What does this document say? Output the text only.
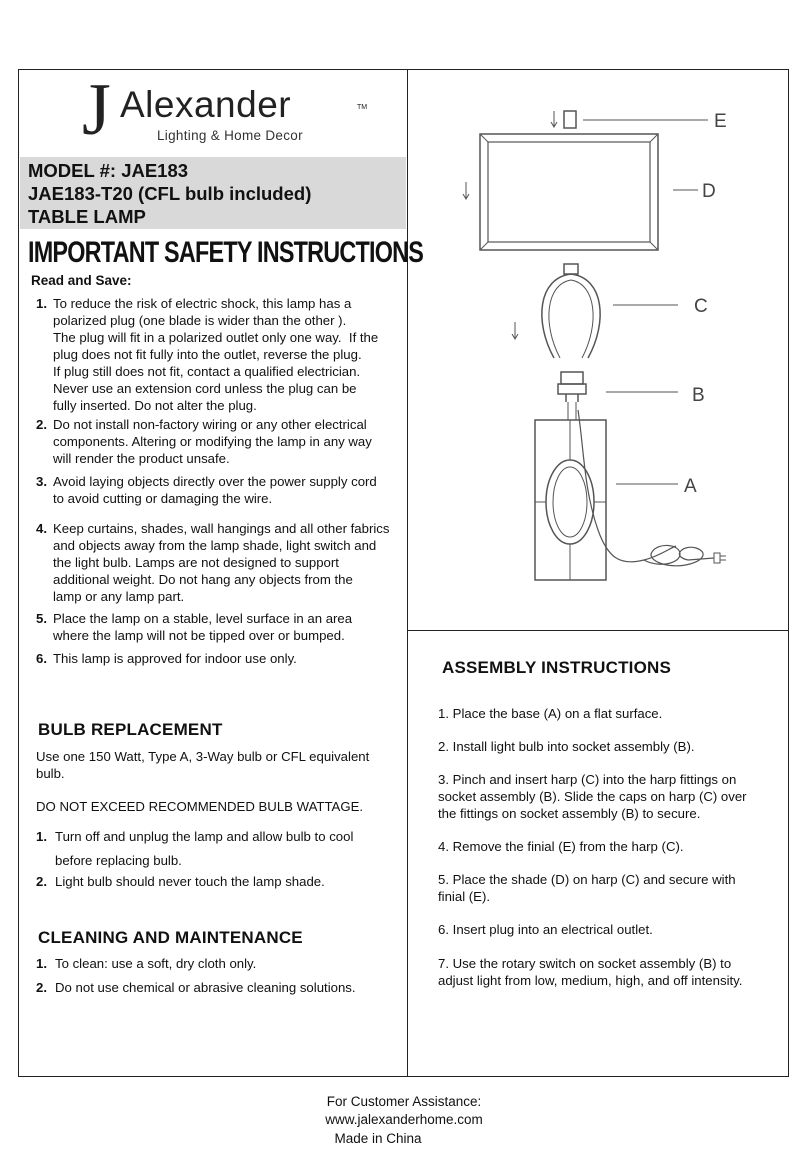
J Alexander	TM
Lighting & Home Decor
MODEL #: JAE183
JAE183-T20 (CFL bulb included)
TABLE LAMP
IMPORTANT SAFETY INSTRUCTIONS
Read and Save:
1. To reduce the risk of electric shock, this lamp has a
polarized plug (one blade is wider than the other ).
The plug will fit in a polarized outlet only one way.  If the
plug does not fit fully into the outlet, reverse the plug.
If plug still does not fit, contact a qualified electrician.
Never use an extension cord unless the plug can be
fully inserted. Do not alter the plug.
2. Do not install non-factory wiring or any other electrical
components. Altering or modifying the lamp in any way
will render the product unsafe.
3. Avoid laying objects directly over the power supply cord
to avoid cutting or damaging the wire.
4. Keep curtains, shades, wall hangings and all other fabrics
and objects away from the lamp shade, light switch and
the light bulb. Lamps are not designed to support
additional weight. Do not hang any objects from the
lamp or any lamp part.
5. Place the lamp on a stable, level surface in an area
where the lamp will not be tipped over or bumped.
6. This lamp is approved for indoor use only.
BULB REPLACEMENT
Use one 150 Watt, Type A, 3-Way bulb or CFL equivalent
bulb.
DO NOT EXCEED RECOMMENDED BULB WATTAGE.
1. Turn off and unplug the lamp and allow bulb to cool
before replacing bulb.
2. Light bulb should never touch the lamp shade.
CLEANING AND MAINTENANCE
1. To clean: use a soft, dry cloth only.
2. Do not use chemical or abrasive cleaning solutions.
E
D
C
B
A
ASSEMBLY INSTRUCTIONS
1. Place the base (A) on a flat surface.
2. Install light bulb into socket assembly (B).
3. Pinch and insert harp (C) into the harp fittings on
socket assembly (B). Slide the caps on harp (C) over
the fittings on socket assembly (B) to secure.
4. Remove the finial (E) from the harp (C).
5. Place the shade (D) on harp (C) and secure with
finial (E).
6. Insert plug into an electrical outlet.
7. Use the rotary switch on socket assembly (B) to
adjust light from low, medium, high, and off intensity.
For Customer Assistance:
www.jalexanderhome.com
Made in China
